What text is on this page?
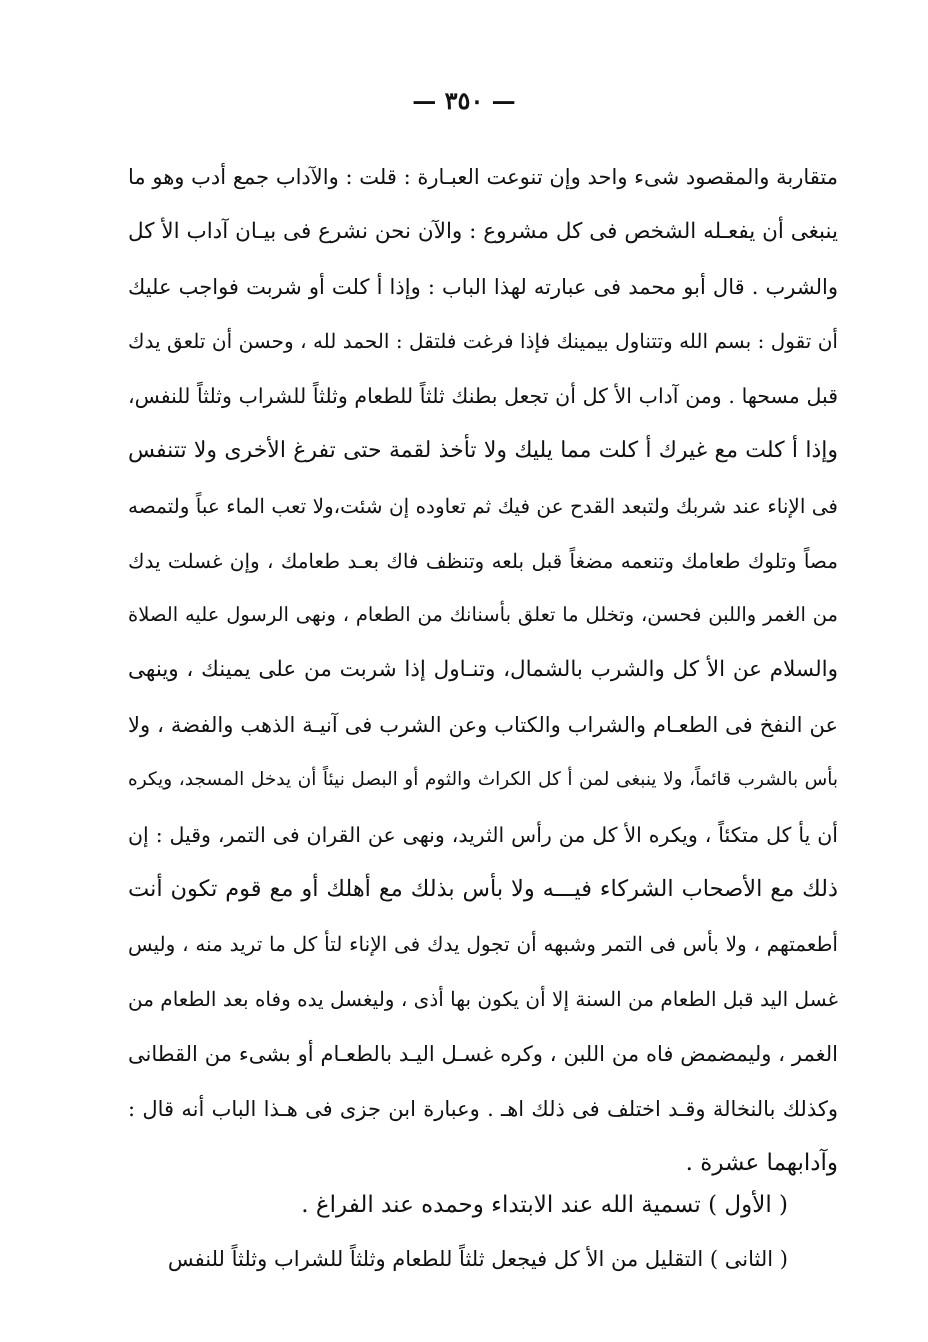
— ٣٥٠ —
متقاربة والمقصود شىء واحد وإن تنوعت العبـارة : قلت : والآداب جمع أدب وهو ما
ينبغى أن يفعـله الشخص فى كل مشروع : والآن نحن نشرع فى بيـان آداب الأ كل
والشرب . قال أبو محمد فى عبارته لهذا الباب : وإذا أ كلت أو شربت فواجب عليك
أن تقول : بسم الله وتتناول بيمينك فإذا فرغت فلتقل : الحمد لله ، وحسن أن تلعق يدك
قبل مسحها . ومن آداب الأ كل أن تجعل بطنك ثلثاً للطعام وثلثاً للشراب وثلثاً للنفس،
وإذا أ كلت مع غيرك أ كلت مما يليك ولا تأخذ لقمة حتى تفرغ الأخرى ولا تتنفس
فى الإناء عند شربك ولتبعد القدح عن فيك ثم تعاوده إن شئت،ولا تعب الماء عباً ولتمصه
مصاً وتلوك طعامك وتنعمه مضغاً قبل بلعه وتنظف فاك بعـد طعامك ، وإن غسلت يدك
من الغمر واللبن فحسن، وتخلل ما تعلق بأسنانك من الطعام ، ونهى الرسول عليه الصلاة
والسلام عن الأ كل والشرب بالشمال، وتنـاول إذا شربت من على يمينك ، وينهى
عن النفخ فى الطعـام والشراب والكتاب وعن الشرب فى آنيـة الذهب والفضة ، ولا
بأس بالشرب قائماً، ولا ينبغى لمن أ كل الكراث والثوم أو البصل نيئاً أن يدخل المسجد، ويكره
أن يأ كل متكئاً ، ويكره الأ كل من رأس الثريد، ونهى عن القران فى التمر، وقيل : إن
ذلك مع الأصحاب الشركاء فيـــه ولا بأس بذلك مع أهلك أو مع قوم تكون أنت
أطعمتهم ، ولا بأس فى التمر وشبهه أن تجول يدك فى الإناء لتأ كل ما تريد منه ، وليس
غسل اليد قبل الطعام من السنة إلا أن يكون بها أذى ، وليغسل يده وفاه بعد الطعام من
الغمر ، وليمضمض فاه من اللبن ، وكره غسـل اليـد بالطعـام أو بشىء من القطانى
وكذلك بالنخالة وقـد اختلف فى ذلك اهـ . وعبارة ابن جزى فى هـذا الباب أنه قال :
وآدابهما عشرة .
( الأول ) تسمية الله عند الابتداء وحمده عند الفراغ .
( الثانى ) التقليل من الأ كل فيجعل ثلثاً للطعام وثلثاً للشراب وثلثاً للنفس
